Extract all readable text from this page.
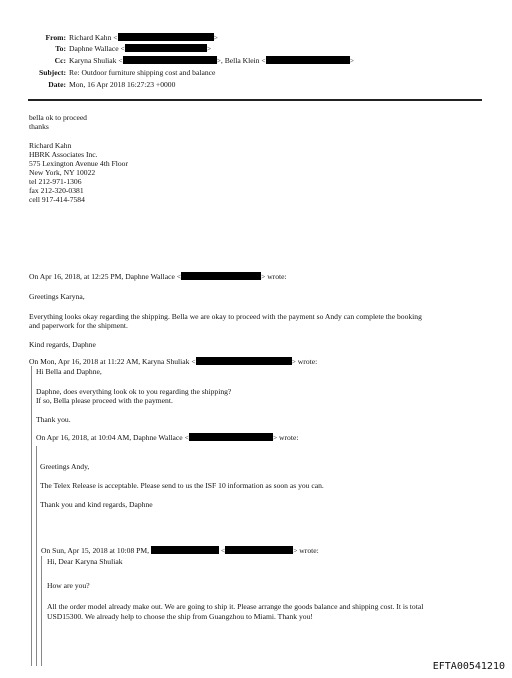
From: Richard Kahn <	>
To: Daphne Wallace <	>
Cc: Karyna Shuliak <	>, Bella Klein <	>
Subject: Re: Outdoor furniture shipping cost and balance
Date: Mon, 16 Apr 2018 16:27:23 +0000
bella ok to proceed
thanks
Richard Kahn
HBRK Associates Inc.
575 Lexington Avenue 4th Floor
New York, NY 10022
tel 212-971-1306
fax 212-320-0381
cell 917-414-7584
On Apr 16, 2018, at 12:25 PM, Daphne Wallace <	> wrote:
Greetings Karyna,
Everything looks okay regarding the shipping. Bella we are okay to proceed with the payment so Andy can complete the booking
and paperwork for the shipment.
Kind regards, Daphne
On Mon, Apr 16, 2018 at 11:22 AM, Karyna Shuliak <	> wrote:
Hi Bella and Daphne,
Daphne, does everything look ok to you regarding the shipping?
If so, Bella please proceed with the payment.
Thank you.
On Apr 16, 2018, at 10:04 AM, Daphne Wallace <	> wrote:
Greetings Andy,
The Telex Release is acceptable. Please send to us the ISF 10 information as soon as you can.
Thank you and kind regards, Daphne
On Sun, Apr 15, 2018 at 10:08 PM,	<	> wrote:
Hi, Dear Karyna Shuliak
How are you?
All the order model already make out. We are going to ship it. Please arrange the goods balance and shipping cost. It is total
USD15300. We already help to choose the ship from Guangzhou to Miami. Thank you!
EFTA00541210
